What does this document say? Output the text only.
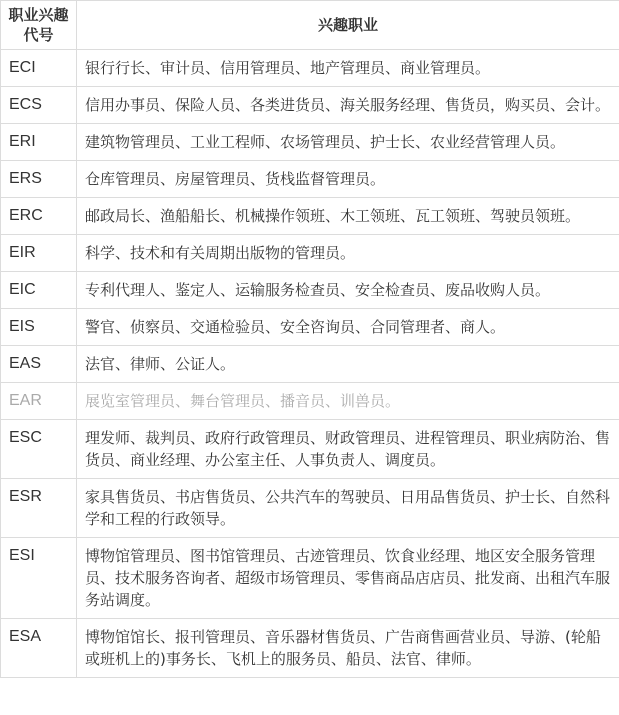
职业兴趣代号	兴趣职业
ECI	银行行长、审计员、信用管理员、地产管理员、商业管理员。
ECS	信用办事员、保险人员、各类进货员、海关服务经理、售货员，购买员、会计。
ERI	建筑物管理员、工业工程师、农场管理员、护士长、农业经营管理人员。
ERS	仓库管理员、房屋管理员、货栈监督管理员。
ERC	邮政局长、渔船船长、机械操作领班、木工领班、瓦工领班、驾驶员领班。
EIR	科学、技术和有关周期出版物的管理员。
EIC	专利代理人、鉴定人、运输服务检查员、安全检查员、废品收购人员。
EIS	警官、侦察员、交通检验员、安全咨询员、合同管理者、商人。
EAS	法官、律师、公证人。
EAR	展览室管理员、舞台管理员、播音员、训兽员。
ESC	理发师、裁判员、政府行政管理员、财政管理员、进程管理员、职业病防治、售货员、商业经理、办公室主任、人事负责人、调度员。
ESR	家具售货员、书店售货员、公共汽车的驾驶员、日用品售货员、护士长、自然科学和工程的行政领导。
ESI	博物馆管理员、图书馆管理员、古迹管理员、饮食业经理、地区安全服务管理员、技术服务咨询者、超级市场管理员、零售商品店店员、批发商、出租汽车服务站调度。
ESA	博物馆馆长、报刊管理员、音乐器材售货员、广告商售画营业员、导游、(轮船或班机上的)事务长、飞机上的服务员、船员、法官、律师。
